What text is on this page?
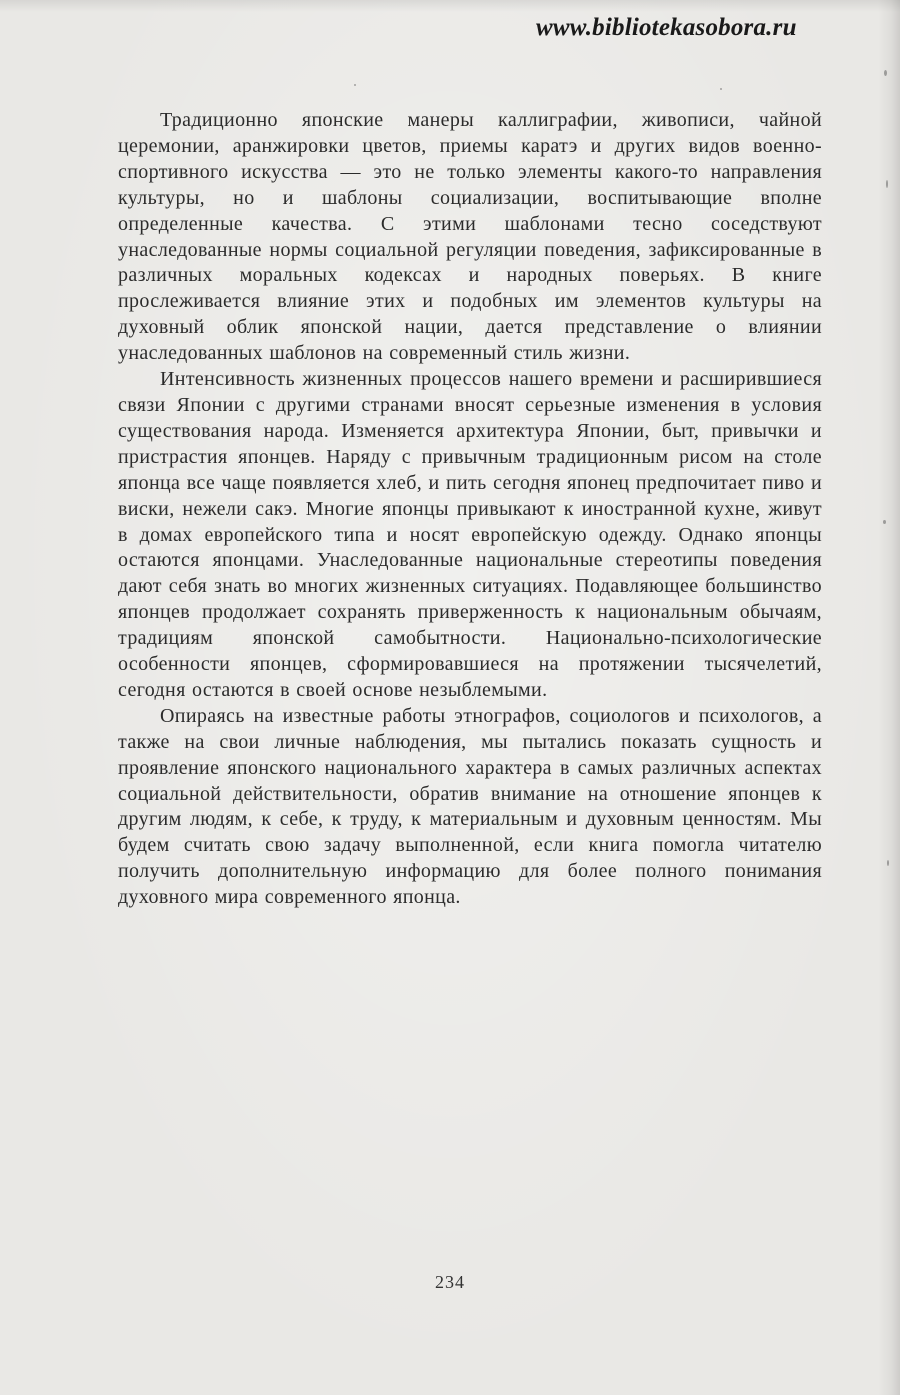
www.bibliotekasobora.ru

Традиционно японские манеры каллиграфии, живописи, чайной церемонии, аранжировки цветов, приемы каратэ и других видов военно-спортивного искусства — это не только элементы какого-то направления культуры, но и шаблоны социализации, воспитывающие вполне определенные качества. С этими шаблонами тесно соседствуют унаследованные нормы социальной регуляции поведения, зафиксированные в различных моральных кодексах и народных поверьях. В книге прослеживается влияние этих и подобных им элементов культуры на духовный облик японской нации, дается представление о влиянии унаследованных шаблонов на современный стиль жизни.

Интенсивность жизненных процессов нашего времени и расширившиеся связи Японии с другими странами вносят серьезные изменения в условия существования народа. Изменяется архитектура Японии, быт, привычки и пристрастия японцев. Наряду с привычным традиционным рисом на столе японца все чаще появляется хлеб, и пить сегодня японец предпочитает пиво и виски, нежели сакэ. Многие японцы привыкают к иностранной кухне, живут в домах европейского типа и носят европейскую одежду. Однако японцы остаются японцами. Унаследованные национальные стереотипы поведения дают себя знать во многих жизненных ситуациях. Подавляющее большинство японцев продолжает сохранять приверженность к национальным обычаям, традициям японской самобытности. Национально-психологические особенности японцев, сформировавшиеся на протяжении тысячелетий, сегодня остаются в своей основе незыблемыми.

Опираясь на известные работы этнографов, социологов и психологов, а также на свои личные наблюдения, мы пытались показать сущность и проявление японского национального характера в самых различных аспектах социальной действительности, обратив внимание на отношение японцев к другим людям, к себе, к труду, к материальным и духовным ценностям. Мы будем считать свою задачу выполненной, если книга помогла читателю получить дополнительную информацию для более полного понимания духовного мира современного японца.

234
